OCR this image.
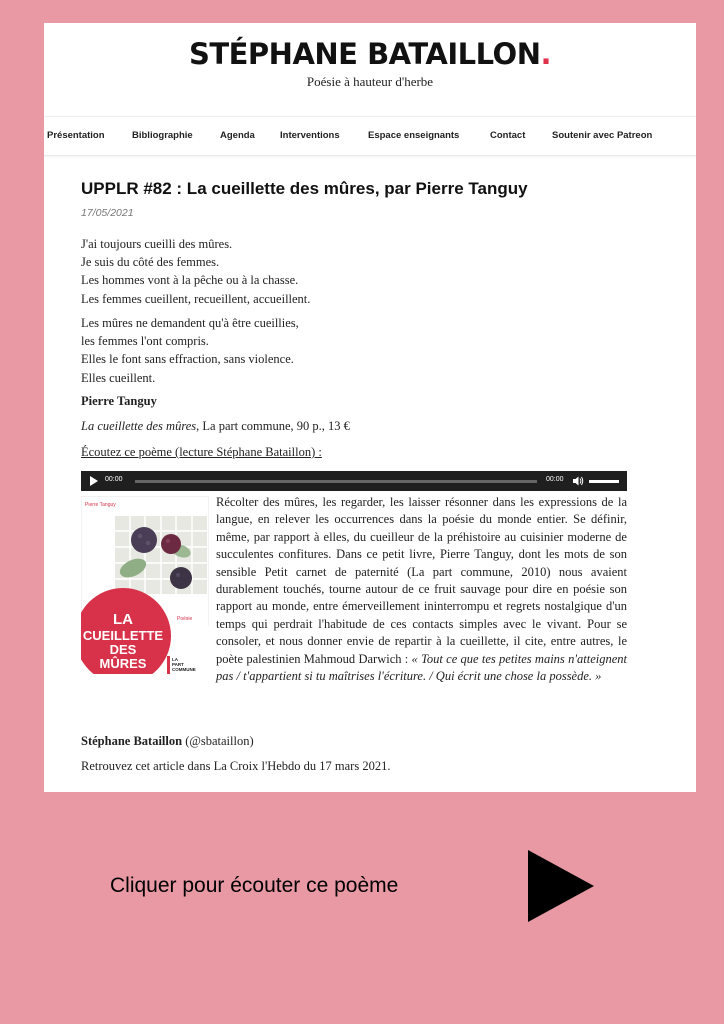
STÉPHANE BATAILLON.
Poésie à hauteur d'herbe
Présentation	Bibliographie	Agenda	Interventions	Espace enseignants	Contact	Soutenir avec Patreon
UPPLR #82 : La cueillette des mûres, par Pierre Tanguy
17/05/2021
J'ai toujours cueilli des mûres.
Je suis du côté des femmes.
Les hommes vont à la pêche ou à la chasse.
Les femmes cueillent, recueillent, accueillent.
Les mûres ne demandent qu'à être cueillies,
les femmes l'ont compris.
Elles le font sans effraction, sans violence.
Elles cueillent.
Pierre Tanguy
La cueillette des mûres, La part commune, 90 p., 13 €
Écoutez ce poème (lecture Stéphane Bataillon) :
00:00	00:00
Pierre Tanguy
LA
CUEILLETTE
DES
MÛRES
Poésie
LA
PART
COMMUNE
Récolter des mûres, les regarder, les laisser résonner dans les expressions de la langue, en relever les occurrences dans la poésie du monde entier. Se définir, même, par rapport à elles, du cueilleur de la préhistoire au cuisinier moderne de succulentes confitures. Dans ce petit livre, Pierre Tanguy, dont les mots de son sensible Petit carnet de paternité (La part commune, 2010) nous avaient durablement touchés, tourne autour de ce fruit sauvage pour dire en poésie son rapport au monde, entre émerveillement ininterrompu et regrets nostalgique d'un temps qui perdrait l'habitude de ces contacts simples avec le vivant. Pour se consoler, et nous donner envie de repartir à la cueillette, il cite, entre autres, le poète palestinien Mahmoud Darwich : « Tout ce que tes petites mains n'atteignent pas / t'appartient si tu maîtrises l'écriture. / Qui écrit une chose la possède. »
Stéphane Bataillon (@sbataillon)
Retrouvez cet article dans La Croix l'Hebdo du 17 mars 2021.
Cliquer pour écouter ce poème
